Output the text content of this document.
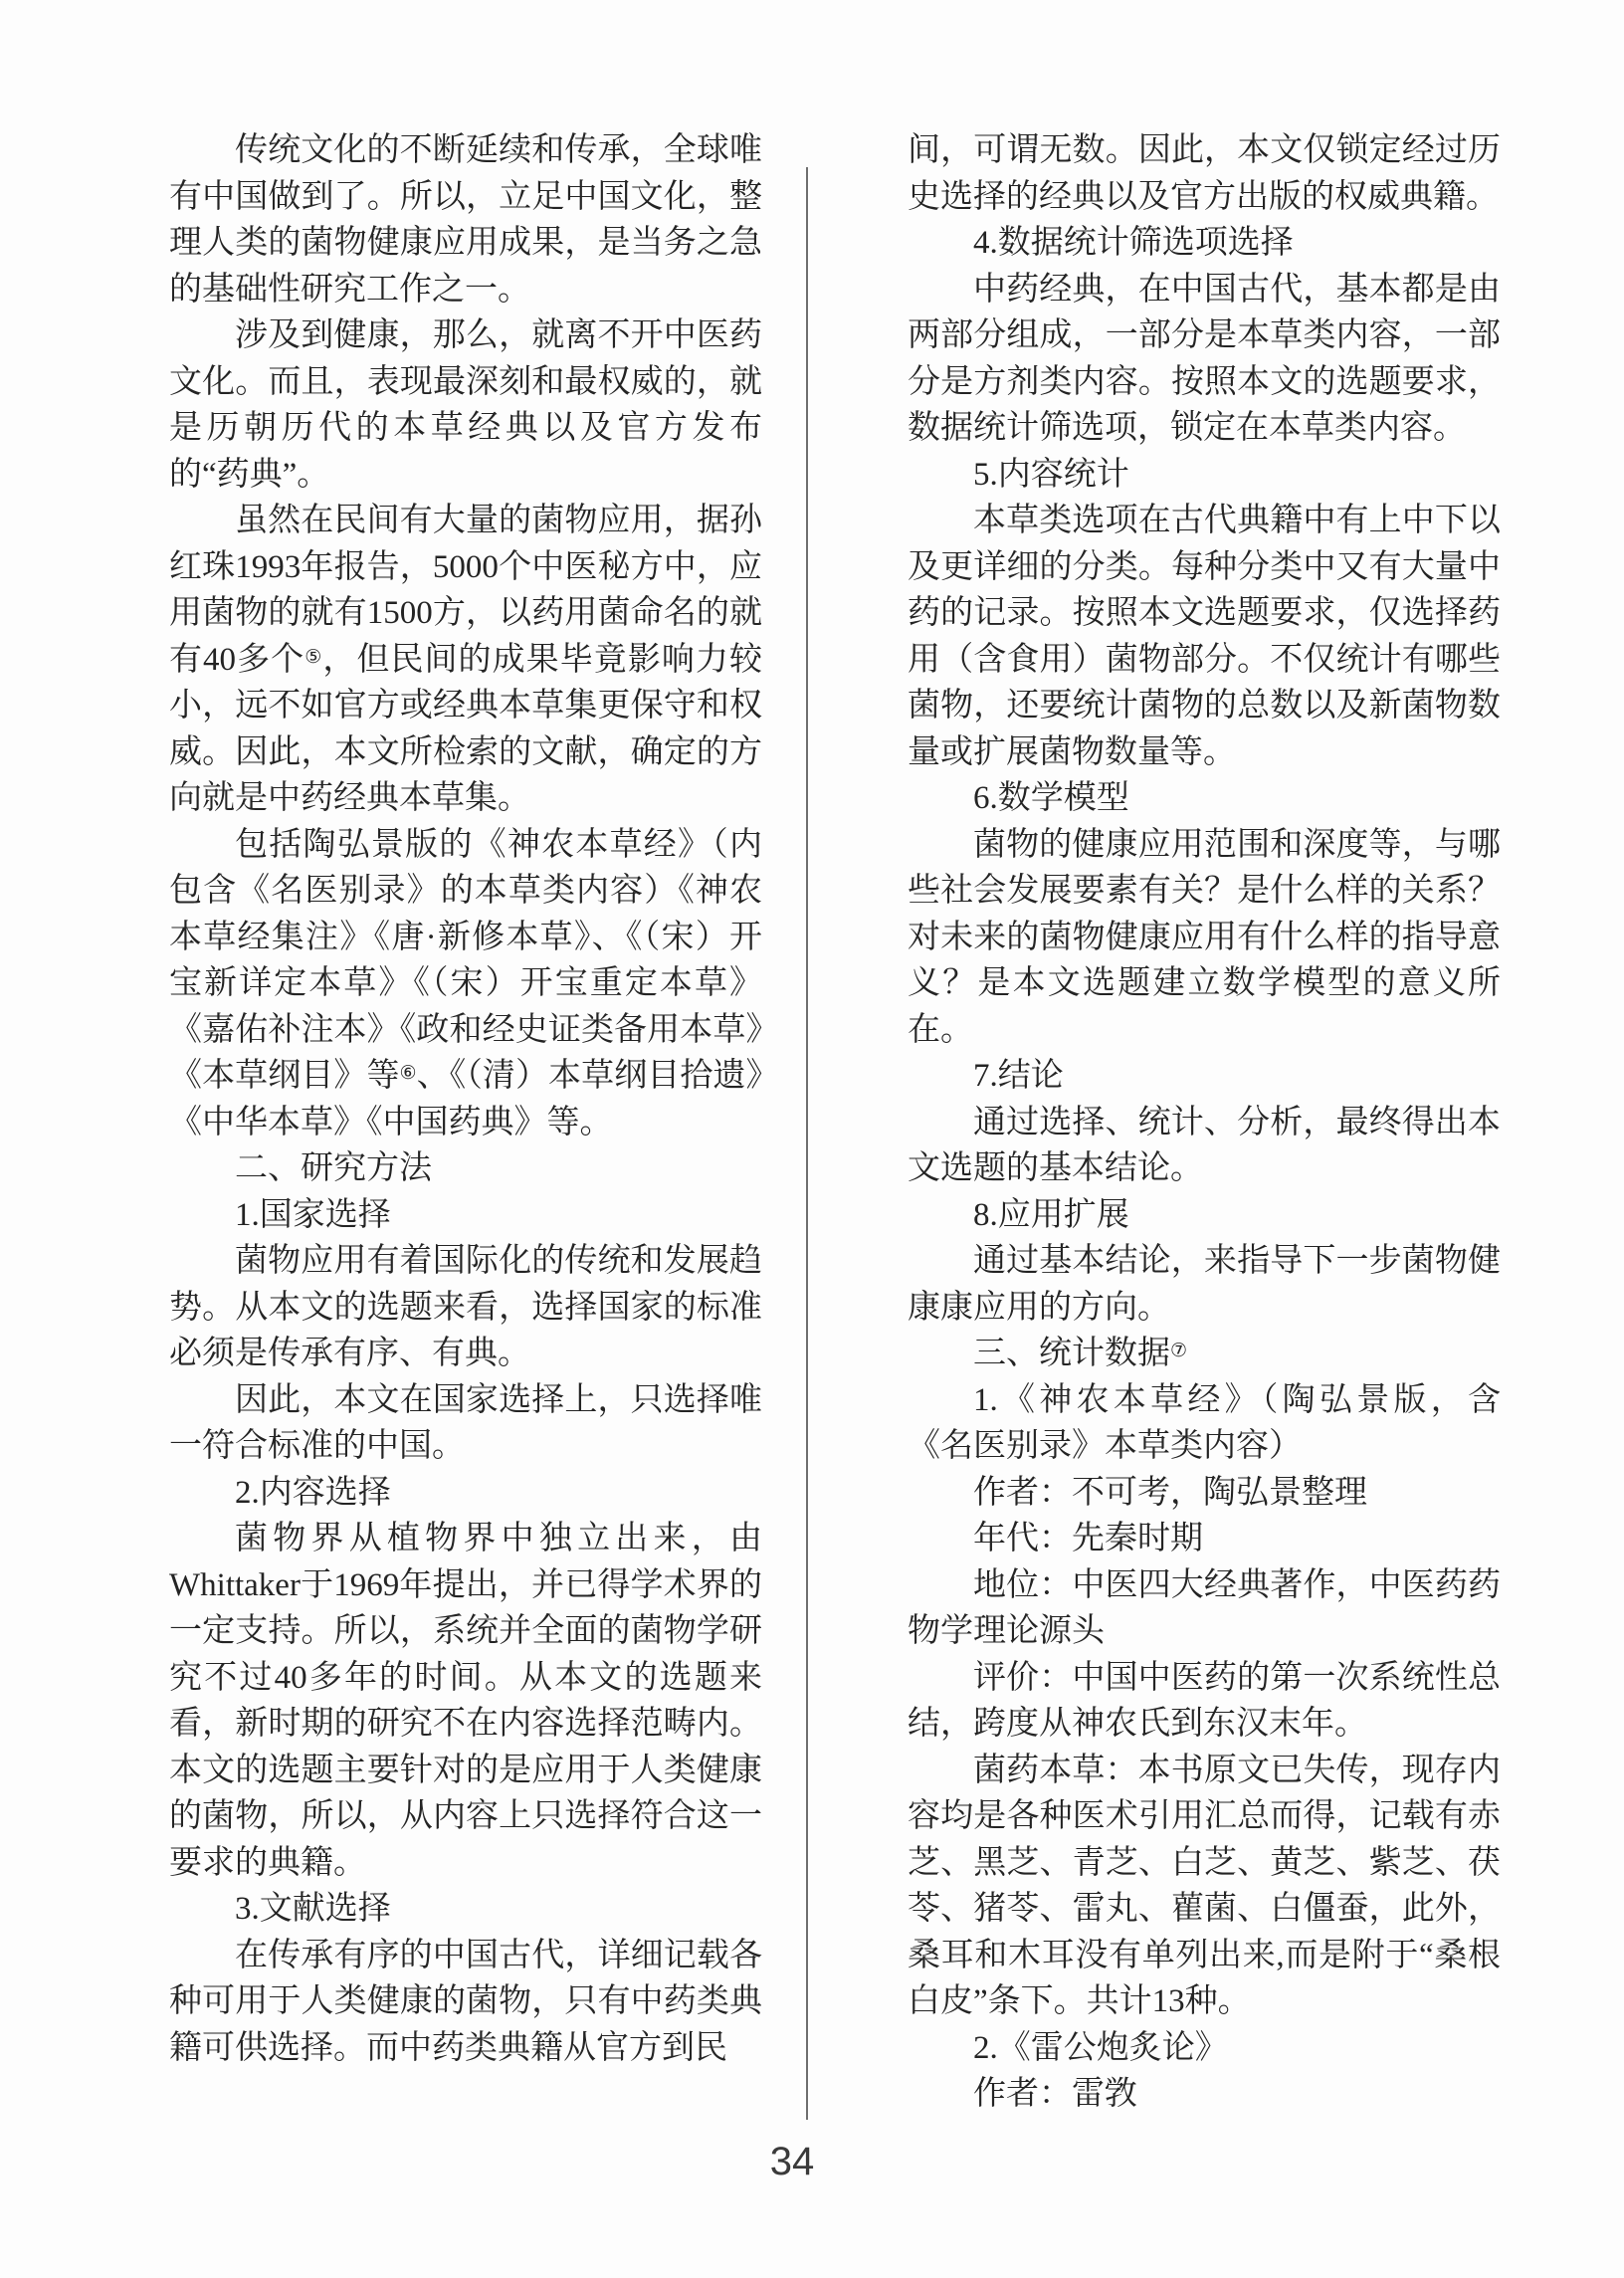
传统文化的不断延续和传承，全球唯有中国做到了。所以，立足中国文化，整理人类的菌物健康应用成果，是当务之急的基础性研究工作之一。

涉及到健康，那么，就离不开中医药文化。而且，表现最深刻和最权威的，就是历朝历代的本草经典以及官方发布的“药典”。

虽然在民间有大量的菌物应用，据孙红珠1993年报告，5000个中医秘方中，应用菌物的就有1500方，以药用菌命名的就有40多个⑤，但民间的成果毕竟影响力较小，远不如官方或经典本草集更保守和权威。因此，本文所检索的文献，确定的方向就是中药经典本草集。

包括陶弘景版的《神农本草经》（内包含《名医别录》的本草类内容）《神农本草经集注》《唐·新修本草》、《（宋）开宝新详定本草》《（宋）开宝重定本草》《嘉佑补注本》《政和经史证类备用本草》《本草纲目》等⑥、《（清）本草纲目拾遗》《中华本草》《中国药典》等。

二、研究方法

1.国家选择

菌物应用有着国际化的传统和发展趋势。从本文的选题来看，选择国家的标准必须是传承有序、有典。

因此，本文在国家选择上，只选择唯一符合标准的中国。

2.内容选择

菌物界从植物界中独立出来，由Whittaker于1969年提出，并已得学术界的一定支持。所以，系统并全面的菌物学研究不过40多年的时间。从本文的选题来看，新时期的研究不在内容选择范畴内。本文的选题主要针对的是应用于人类健康的菌物，所以，从内容上只选择符合这一要求的典籍。

3.文献选择

在传承有序的中国古代，详细记载各种可用于人类健康的菌物，只有中药类典籍可供选择。而中药类典籍从官方到民

间，可谓无数。因此，本文仅锁定经过历史选择的经典以及官方出版的权威典籍。

4.数据统计筛选项选择

中药经典，在中国古代，基本都是由两部分组成，一部分是本草类内容，一部分是方剂类内容。按照本文的选题要求，数据统计筛选项，锁定在本草类内容。

5.内容统计

本草类选项在古代典籍中有上中下以及更详细的分类。每种分类中又有大量中药的记录。按照本文选题要求，仅选择药用（含食用）菌物部分。不仅统计有哪些菌物，还要统计菌物的总数以及新菌物数量或扩展菌物数量等。

6.数学模型

菌物的健康应用范围和深度等，与哪些社会发展要素有关？是什么样的关系？对未来的菌物健康应用有什么样的指导意义？是本文选题建立数学模型的意义所在。

7.结论

通过选择、统计、分析，最终得出本文选题的基本结论。

8.应用扩展

通过基本结论，来指导下一步菌物健康康应用的方向。

三、统计数据⑦

1.《神农本草经》（陶弘景版，含《名医别录》本草类内容）

作者：不可考，陶弘景整理

年代：先秦时期

地位：中医四大经典著作，中医药药物学理论源头

评价：中国中医药的第一次系统性总结，跨度从神农氏到东汉末年。

菌药本草：本书原文已失传，现存内容均是各种医术引用汇总而得，记载有赤芝、黑芝、青芝、白芝、黄芝、紫芝、茯苓、猪苓、雷丸、雚菌、白僵蚕，此外，桑耳和木耳没有单列出来,而是附于“桑根白皮”条下。共计13种。

2.《雷公炮炙论》

作者：雷敩

34
